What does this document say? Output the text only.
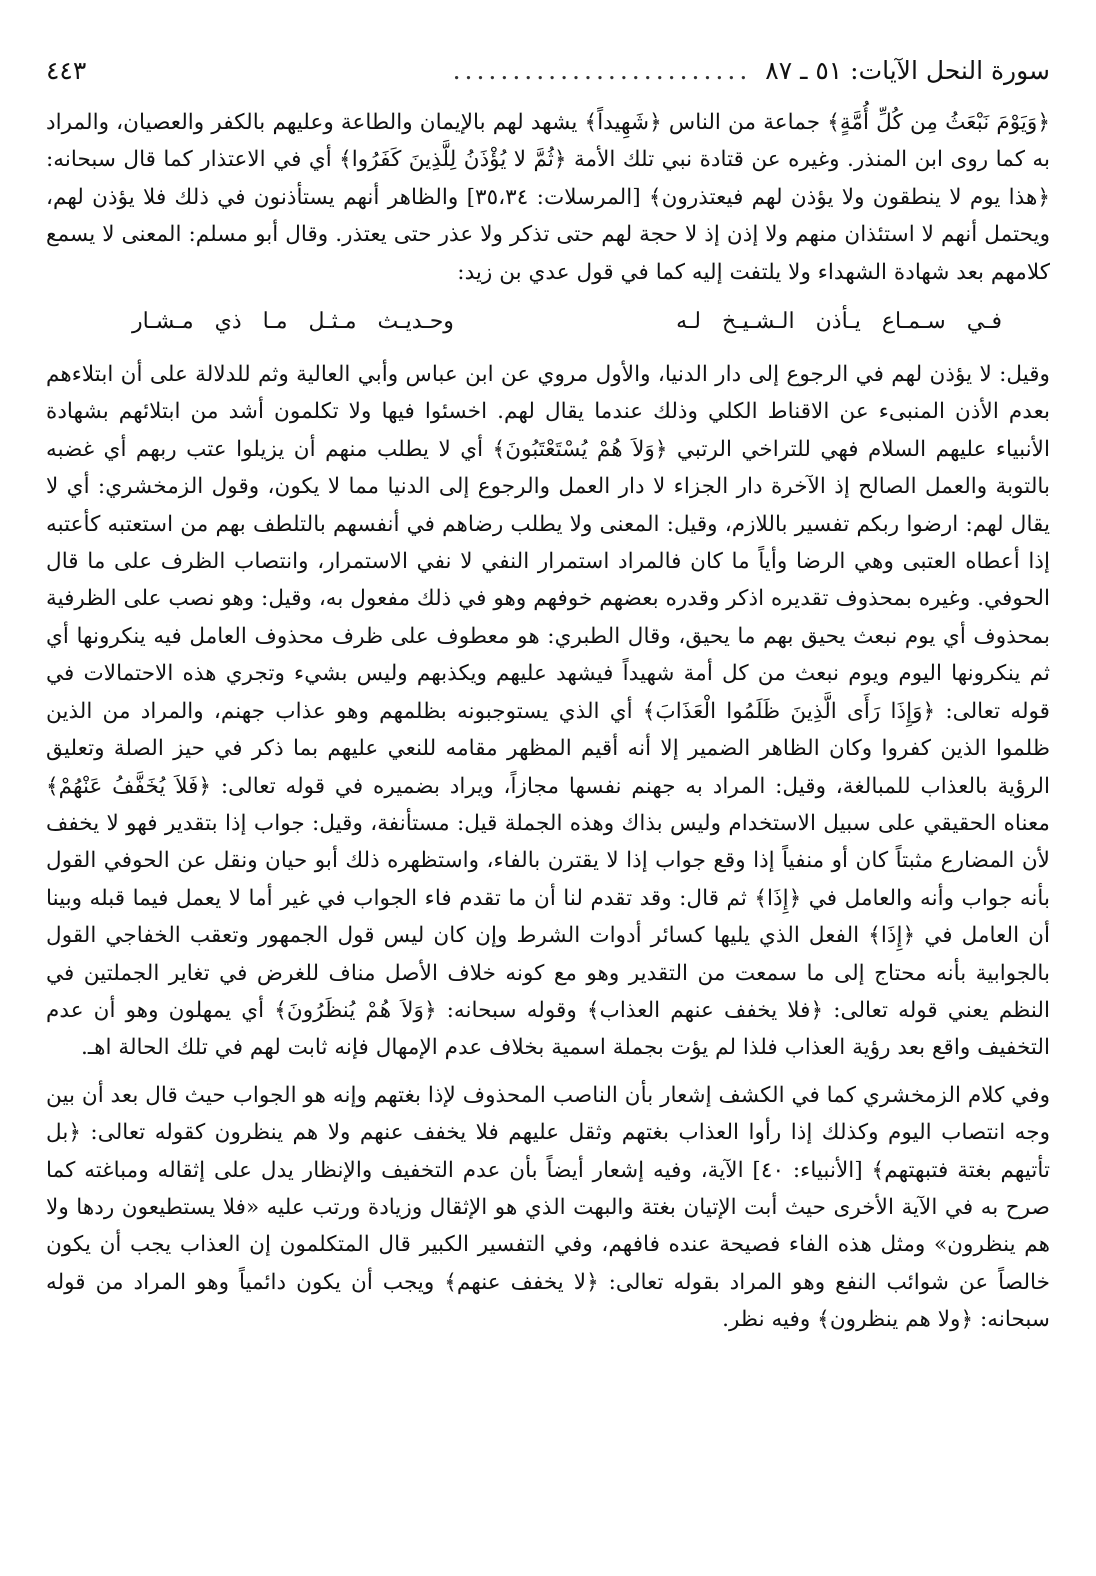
سورة النحل الآيات: ٥١ ـ ٨٧
.........................
٤٤٣

﴿وَيَوْمَ نَبْعَثُ مِن كُلِّ أُمَّةٍ﴾ جماعة من الناس ﴿شَهِيداً﴾ يشهد لهم بالإيمان والطاعة وعليهم بالكفر والعصيان، والمراد به كما روى ابن المنذر. وغيره عن قتادة نبي تلك الأمة ﴿ثُمَّ لا يُؤْذَنُ لِلَّذِينَ كَفَرُوا﴾ أي في الاعتذار كما قال سبحانه: ﴿هذا يوم لا ينطقون ولا يؤذن لهم فيعتذرون﴾ [المرسلات: ٣٥،٣٤] والظاهر أنهم يستأذنون في ذلك فلا يؤذن لهم، ويحتمل أنهم لا استئذان منهم ولا إذن إذ لا حجة لهم حتى تذكر ولا عذر حتى يعتذر. وقال أبو مسلم: المعنى لا يسمع كلامهم بعد شهادة الشهداء ولا يلتفت إليه كما في قول عدي بن زيد:

فـي سـمـاع يـأذن الـشـيـخ لـه
وحـديـث مـثـل مـا ذي مـشـار

وقيل: لا يؤذن لهم في الرجوع إلى دار الدنيا، والأول مروي عن ابن عباس وأبي العالية وثم للدلالة على أن ابتلاءهم بعدم الأذن المنبىء عن الاقناط الكلي وذلك عندما يقال لهم. اخسئوا فيها ولا تكلمون أشد من ابتلائهم بشهادة الأنبياء عليهم السلام فهي للتراخي الرتبي ﴿وَلاَ هُمْ يُسْتَعْتَبُونَ﴾ أي لا يطلب منهم أن يزيلوا عتب ربهم أي غضبه بالتوبة والعمل الصالح إذ الآخرة دار الجزاء لا دار العمل والرجوع إلى الدنيا مما لا يكون، وقول الزمخشري: أي لا يقال لهم: ارضوا ربكم تفسير باللازم، وقيل: المعنى ولا يطلب رضاهم في أنفسهم بالتلطف بهم من استعتبه كأعتبه إذا أعطاه العتبى وهي الرضا وأياً ما كان فالمراد استمرار النفي لا نفي الاستمرار، وانتصاب الظرف على ما قال الحوفي. وغيره بمحذوف تقديره اذكر وقدره بعضهم خوفهم وهو في ذلك مفعول به، وقيل: وهو نصب على الظرفية بمحذوف أي يوم نبعث يحيق بهم ما يحيق، وقال الطبري: هو معطوف على ظرف محذوف العامل فيه ينكرونها أي ثم ينكرونها اليوم ويوم نبعث من كل أمة شهيداً فيشهد عليهم ويكذبهم وليس بشيء وتجري هذه الاحتمالات في قوله تعالى: ﴿وَإِذَا رَأَى الَّذِينَ ظَلَمُوا الْعَذَابَ﴾ أي الذي يستوجبونه بظلمهم وهو عذاب جهنم، والمراد من الذين ظلموا الذين كفروا وكان الظاهر الضمير إلا أنه أقيم المظهر مقامه للنعي عليهم بما ذكر في حيز الصلة وتعليق الرؤية بالعذاب للمبالغة، وقيل: المراد به جهنم نفسها مجازاً، ويراد بضميره في قوله تعالى: ﴿فَلاَ يُخَفَّفُ عَنْهُمْ﴾ معناه الحقيقي على سبيل الاستخدام وليس بذاك وهذه الجملة قيل: مستأنفة، وقيل: جواب إذا بتقدير فهو لا يخفف لأن المضارع مثبتاً كان أو منفياً إذا وقع جواب إذا لا يقترن بالفاء، واستظهره ذلك أبو حيان ونقل عن الحوفي القول بأنه جواب وأنه والعامل في ﴿إِذَا﴾ ثم قال: وقد تقدم لنا أن ما تقدم فاء الجواب في غير أما لا يعمل فيما قبله وبينا أن العامل في ﴿إِذَا﴾ الفعل الذي يليها كسائر أدوات الشرط وإن كان ليس قول الجمهور وتعقب الخفاجي القول بالجوابية بأنه محتاج إلى ما سمعت من التقدير وهو مع كونه خلاف الأصل مناف للغرض في تغاير الجملتين في النظم يعني قوله تعالى: ﴿فلا يخفف عنهم العذاب﴾ وقوله سبحانه: ﴿وَلاَ هُمْ يُنظَرُونَ﴾ أي يمهلون وهو أن عدم التخفيف واقع بعد رؤية العذاب فلذا لم يؤت بجملة اسمية بخلاف عدم الإمهال فإنه ثابت لهم في تلك الحالة اهـ.

وفي كلام الزمخشري كما في الكشف إشعار بأن الناصب المحذوف لإذا بغتهم وإنه هو الجواب حيث قال بعد أن بين وجه انتصاب اليوم وكذلك إذا رأوا العذاب بغتهم وثقل عليهم فلا يخفف عنهم ولا هم ينظرون كقوله تعالى: ﴿بل تأتيهم بغتة فتبهتهم﴾ [الأنبياء: ٤٠] الآية، وفيه إشعار أيضاً بأن عدم التخفيف والإنظار يدل على إثقاله ومباغته كما صرح به في الآية الأخرى حيث أبت الإتيان بغتة والبهت الذي هو الإثقال وزيادة ورتب عليه «فلا يستطيعون ردها ولا هم ينظرون» ومثل هذه الفاء فصيحة عنده فافهم، وفي التفسير الكبير قال المتكلمون إن العذاب يجب أن يكون خالصاً عن شوائب النفع وهو المراد بقوله تعالى: ﴿لا يخفف عنهم﴾ ويجب أن يكون دائمياً وهو المراد من قوله سبحانه: ﴿ولا هم ينظرون﴾ وفيه نظر.
